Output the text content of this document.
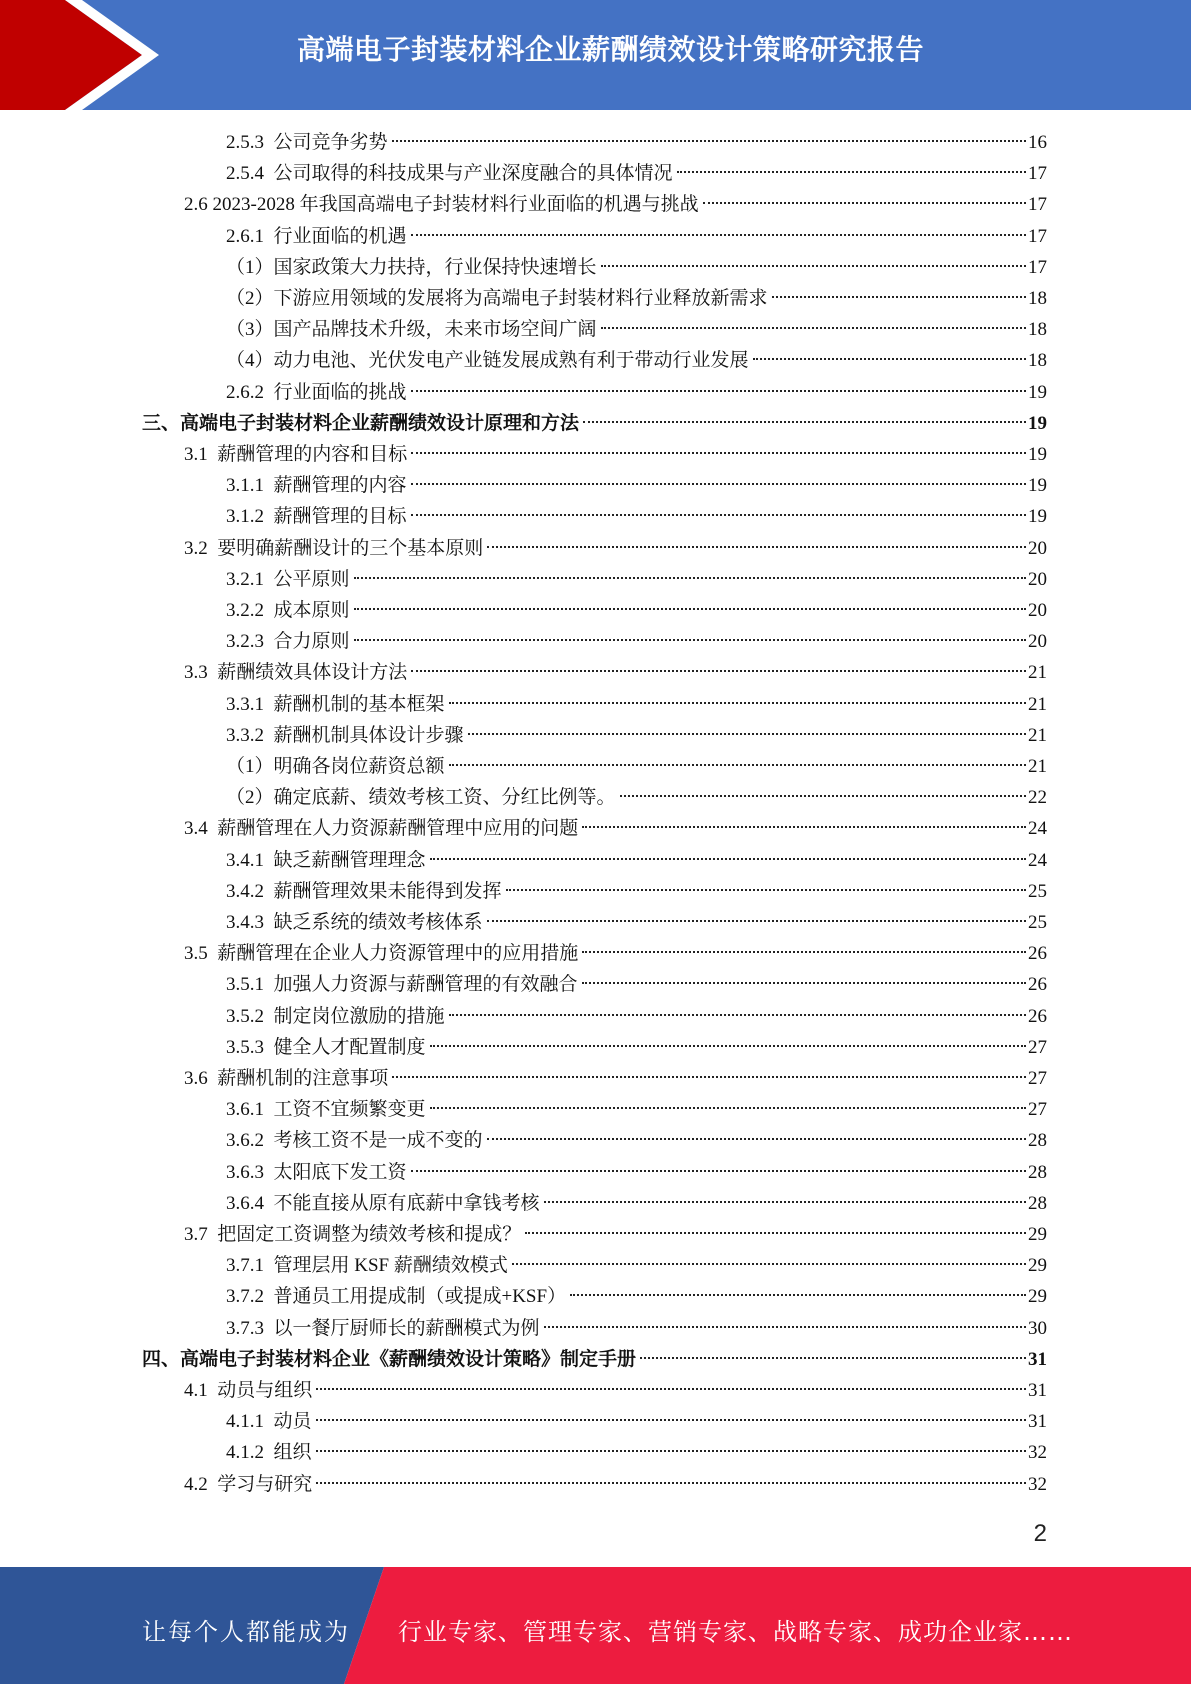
高端电子封装材料企业薪酬绩效设计策略研究报告
2.5.3 公司竞争劣势	16
2.5.4 公司取得的科技成果与产业深度融合的具体情况	17
2.6 2023-2028 年我国高端电子封装材料行业面临的机遇与挑战	17
2.6.1 行业面临的机遇	17
（1） 国家政策大力扶持，行业保持快速增长	17
（2） 下游应用领域的发展将为高端电子封装材料行业释放新需求	18
（3） 国产品牌技术升级，未来市场空间广阔	18
（4） 动力电池、光伏发电产业链发展成熟有利于带动行业发展	18
2.6.2 行业面临的挑战	19
三、 高端电子封装材料企业薪酬绩效设计原理和方法	19
3.1 薪酬管理的内容和目标	19
3.1.1 薪酬管理的内容	19
3.1.2 薪酬管理的目标	19
3.2 要明确薪酬设计的三个基本原则	20
3.2.1 公平原则	20
3.2.2 成本原则	20
3.2.3 合力原则	20
3.3 薪酬绩效具体设计方法	21
3.3.1 薪酬机制的基本框架	21
3.3.2 薪酬机制具体设计步骤	21
（1） 明确各岗位薪资总额	21
（2） 确定底薪、绩效考核工资、分红比例等。	22
3.4 薪酬管理在人力资源薪酬管理中应用的问题	24
3.4.1 缺乏薪酬管理理念	24
3.4.2 薪酬管理效果未能得到发挥	25
3.4.3 缺乏系统的绩效考核体系	25
3.5 薪酬管理在企业人力资源管理中的应用措施	26
3.5.1 加强人力资源与薪酬管理的有效融合	26
3.5.2 制定岗位激励的措施	26
3.5.3 健全人才配置制度	27
3.6 薪酬机制的注意事项	27
3.6.1 工资不宜频繁变更	27
3.6.2 考核工资不是一成不变的	28
3.6.3 太阳底下发工资	28
3.6.4 不能直接从原有底薪中拿钱考核	28
3.7 把固定工资调整为绩效考核和提成？	29
3.7.1 管理层用 KSF 薪酬绩效模式	29
3.7.2 普通员工用提成制（或提成+KSF）	29
3.7.3 以一餐厅厨师长的薪酬模式为例	30
四、 高端电子封装材料企业《薪酬绩效设计策略》制定手册	31
4.1 动员与组织	31
4.1.1 动员	31
4.1.2 组织	32
4.2 学习与研究	32
2
让每个人都能成为 行业专家、管理专家、营销专家、战略专家、成功企业家……
